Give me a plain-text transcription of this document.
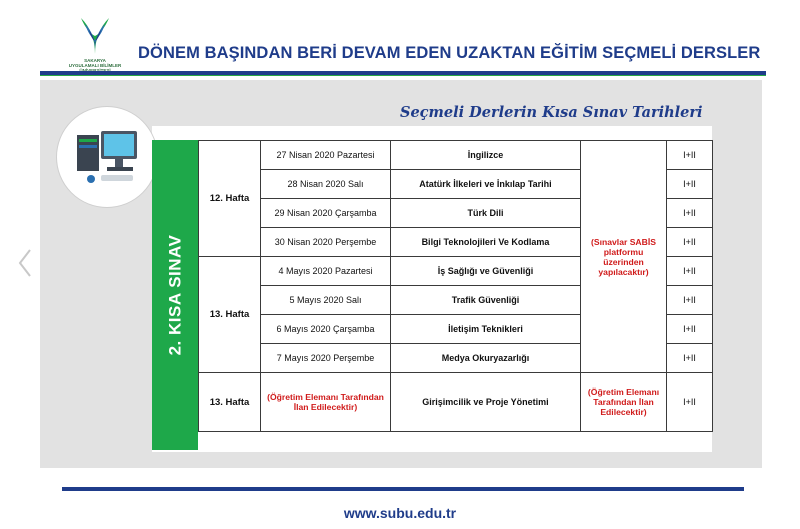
SAKARYA
UYGULAMALI BİLİMLER
DÖNEM BAŞINDAN BERİ DEVAM EDEN UZAKTAN EĞİTİM SEÇMELİ DERSLER
Seçmeli Derlerin Kısa Sınav Tarihleri
2. KISA SINAV
12. Hafta	27 Nisan 2020 Pazartesi	İngilizce	(Sınavlar SABİS platformu üzerinden yapılacaktır)	I+II
	28 Nisan 2020 Salı	Atatürk İlkeleri ve İnkılap Tarihi		I+II
	29 Nisan 2020 Çarşamba	Türk Dili		I+II
	30 Nisan 2020 Perşembe	Bilgi Teknolojileri Ve Kodlama		I+II
13. Hafta	4 Mayıs 2020 Pazartesi	İş Sağlığı ve Güvenliği		I+II
	5 Mayıs 2020 Salı	Trafik Güvenliği		I+II
	6 Mayıs 2020 Çarşamba	İletişim Teknikleri		I+II
	7 Mayıs 2020 Perşembe	Medya Okuryazarlığı		I+II
13. Hafta	(Öğretim Elemanı Tarafından İlan Edilecektir)	Girişimcilik ve Proje Yönetimi	(Öğretim Elemanı Tarafından İlan Edilecektir)	I+II
www.subu.edu.tr
